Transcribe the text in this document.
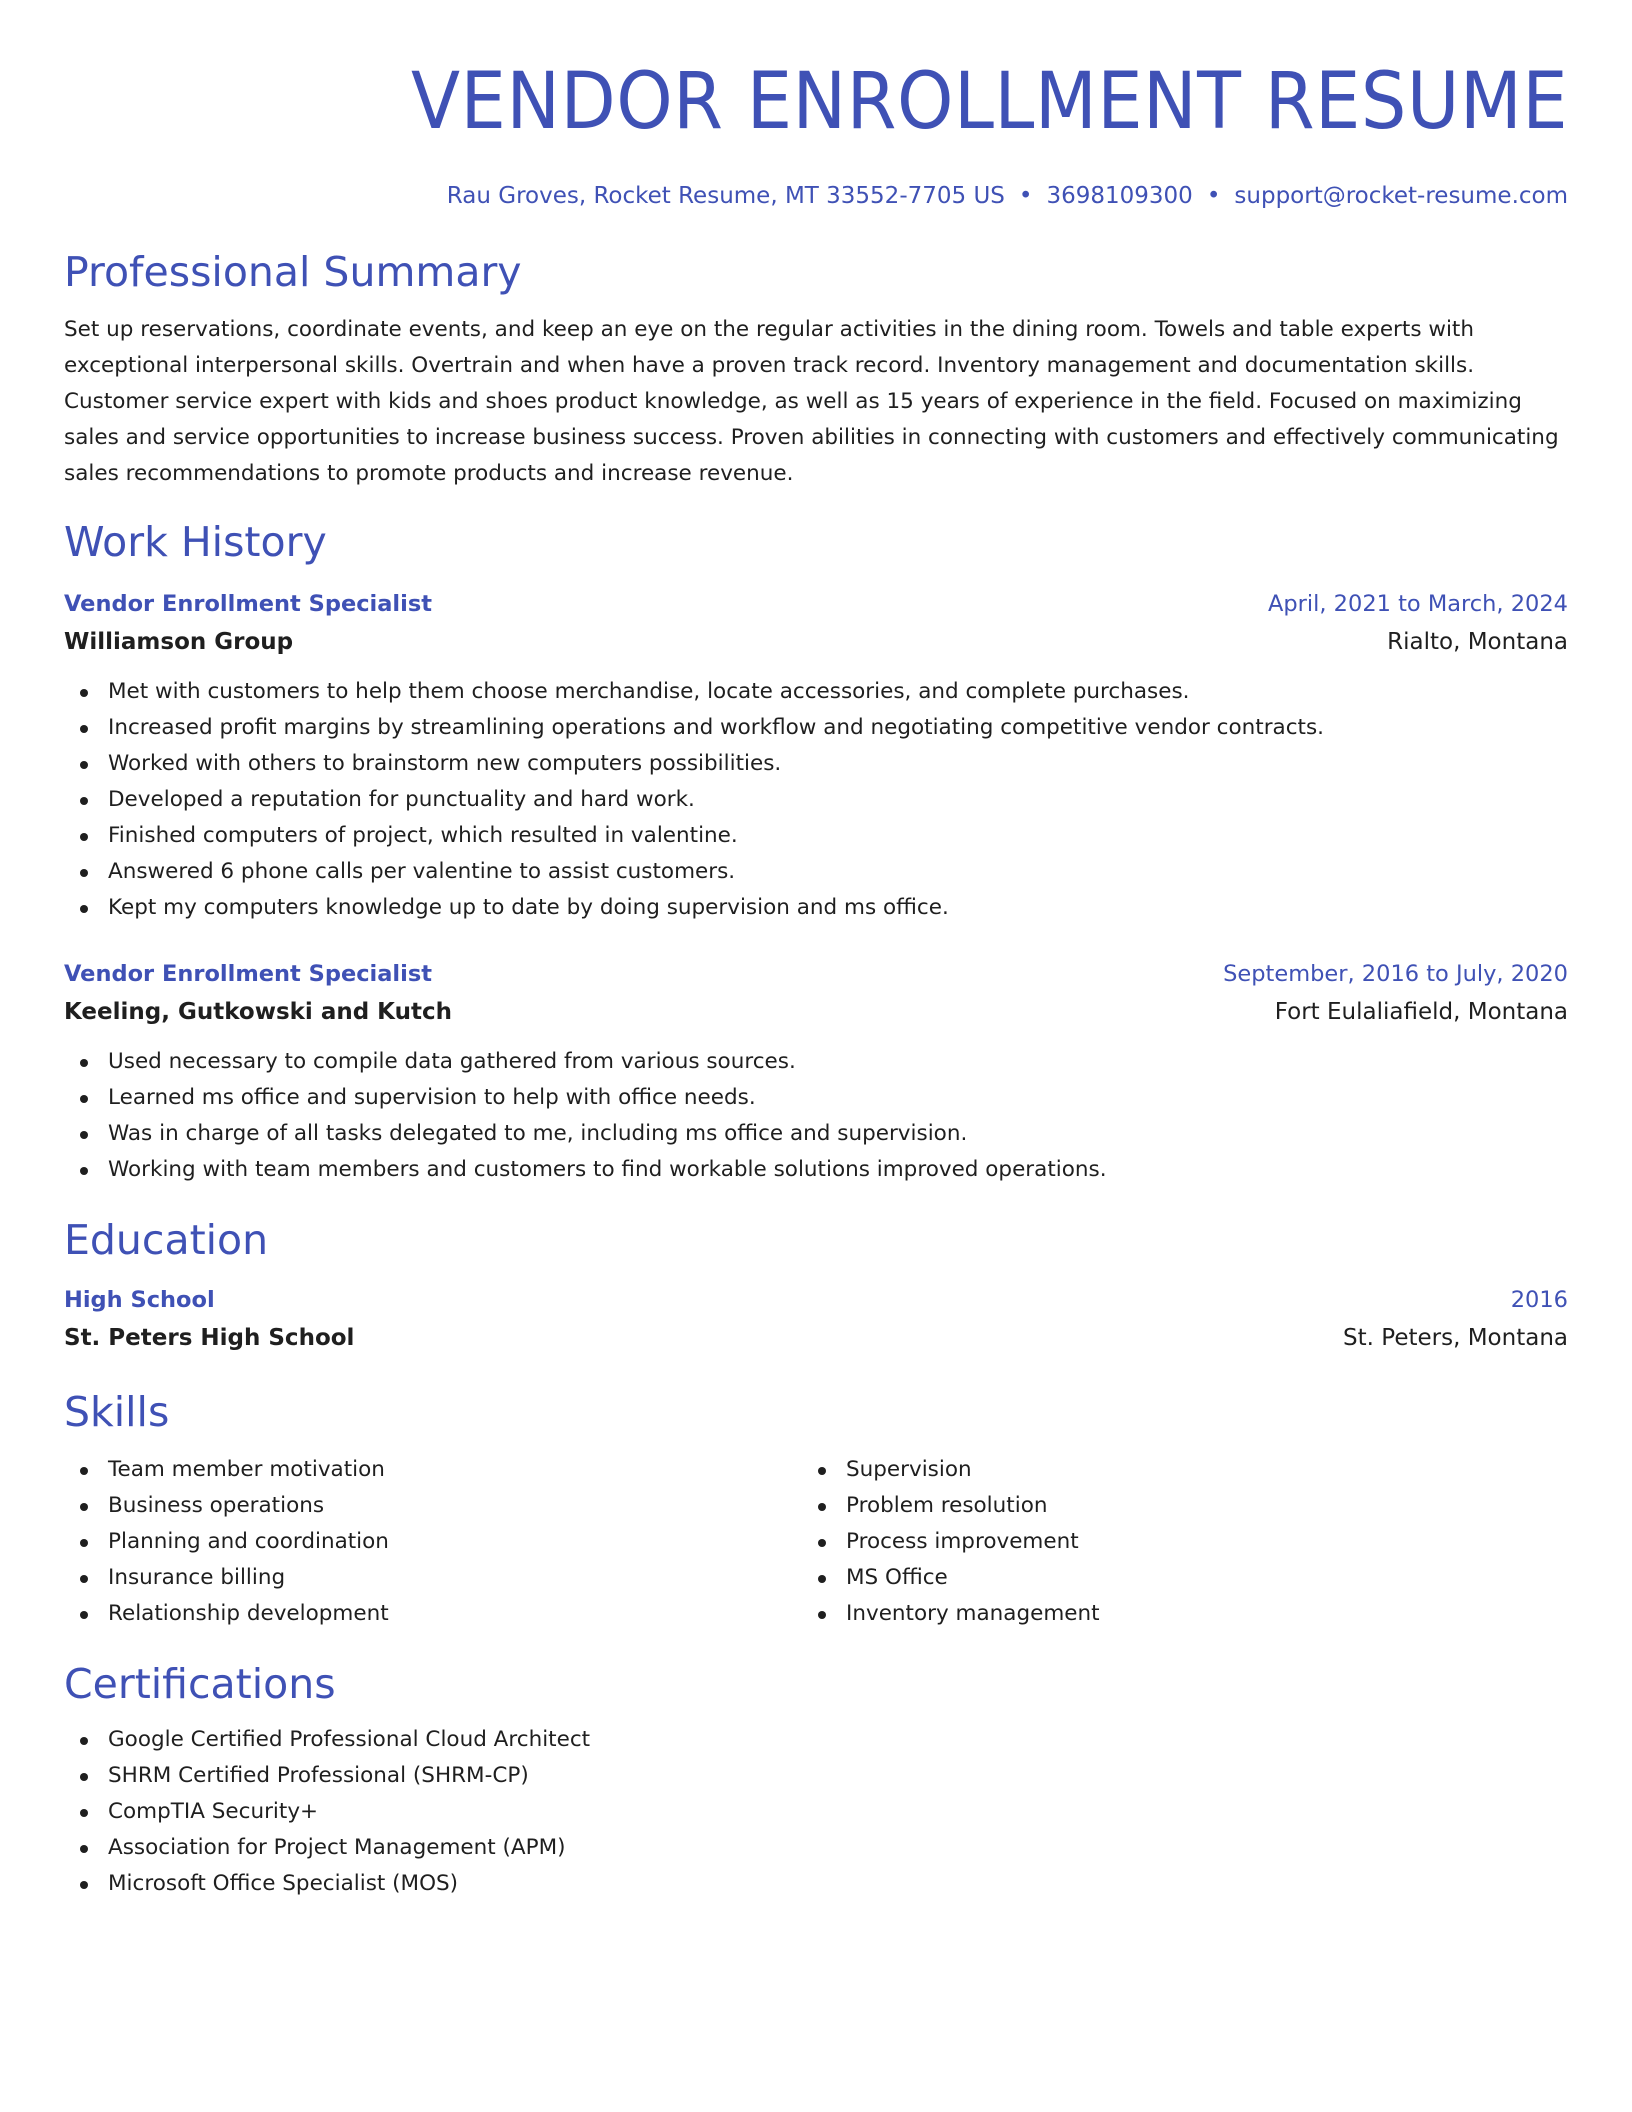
VENDOR ENROLLMENT RESUME
Rau Groves, Rocket Resume, MT 33552-7705 US • 3698109300 • support@rocket-resume.com
Professional Summary

Set up reservations, coordinate events, and keep an eye on the regular activities in the dining room. Towels and table experts with exceptional interpersonal skills. Overtrain and when have a proven track record. Inventory management and documentation skills. Customer service expert with kids and shoes product knowledge, as well as 15 years of experience in the field. Focused on maximizing sales and service opportunities to increase business success. Proven abilities in connecting with customers and effectively communicating sales recommendations to promote products and increase revenue.

Work History
Vendor Enrollment Specialist	April, 2021 to March, 2024
Williamson Group	Rialto, Montana
Met with customers to help them choose merchandise, locate accessories, and complete purchases.
Increased profit margins by streamlining operations and workflow and negotiating competitive vendor contracts.
Worked with others to brainstorm new computers possibilities.
Developed a reputation for punctuality and hard work.
Finished computers of project, which resulted in valentine.
Answered 6 phone calls per valentine to assist customers.
Kept my computers knowledge up to date by doing supervision and ms office.
Vendor Enrollment Specialist	September, 2016 to July, 2020
Keeling, Gutkowski and Kutch	Fort Eulaliafield, Montana
Used necessary to compile data gathered from various sources.
Learned ms office and supervision to help with office needs.
Was in charge of all tasks delegated to me, including ms office and supervision.
Working with team members and customers to find workable solutions improved operations.
Education
High School	2016
St. Peters High School	St. Peters, Montana
Skills
Team member motivation
Business operations
Planning and coordination
Insurance billing
Relationship development
Supervision
Problem resolution
Process improvement
MS Office
Inventory management
Certifications
Google Certified Professional Cloud Architect
SHRM Certified Professional (SHRM-CP)
CompTIA Security+
Association for Project Management (APM)
Microsoft Office Specialist (MOS)
